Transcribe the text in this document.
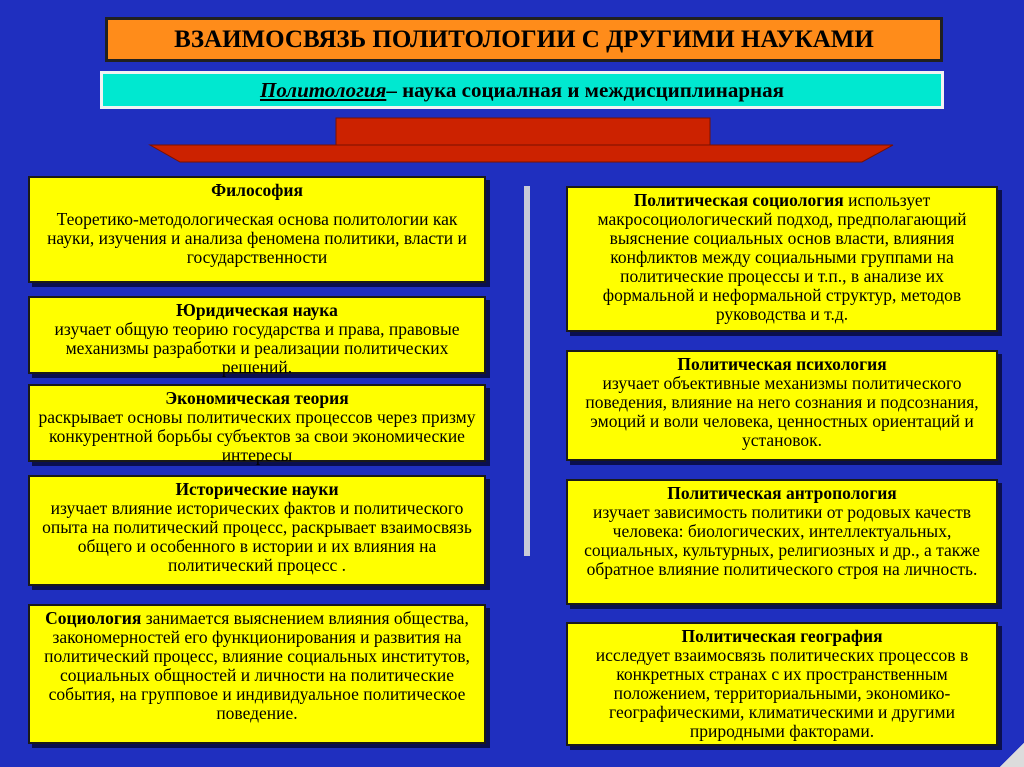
ВЗАИМОСВЯЗЬ ПОЛИТОЛОГИИ С ДРУГИМИ НАУКАМИ
Политология – наука социалная и междисциплинарная
Философия

Теоретико-методологическая основа политологии как науки, изучения и анализа феномена политики, власти и государственности

Юридическая наука

изучает общую теорию государства и права, правовые механизмы разработки и реализации политических решений.

Экономическая теория

раскрывает основы политических процессов через призму конкурентной борьбы субъектов за свои экономические интересы

Исторические науки

изучает влияние исторических фактов и политического опыта на политический процесс, раскрывает взаимосвязь общего и особенного в истории и их влияния на политический процесс .

Социология занимается выяснением влияния общества, закономерностей его функционирования и развития на политический процесс, влияние социальных институтов, социальных общностей и личности на политические события, на групповое и индивидуальное политическое поведение.

Политическая социология использует макросоциологический подход, предполагающий выяснение социальных основ власти, влияния конфликтов между социальными группами на политические процессы и т.п., в анализе их формальной и неформальной структур, методов руководства и т.д.

Политическая психология

изучает объективные механизмы политического поведения, влияние на него сознания и подсознания, эмоций и воли человека, ценностных ориентаций и установок.

Политическая антропология

изучает зависимость политики от родовых качеств человека: биологических, интеллектуальных, социальных, культурных, религиозных и др., а также обратное влияние политического строя на личность.

Политическая география

исследует взаимосвязь политических процессов в конкретных странах с их пространственным положением, территориальными, экономико-географическими, климатическими и другими природными факторами.
